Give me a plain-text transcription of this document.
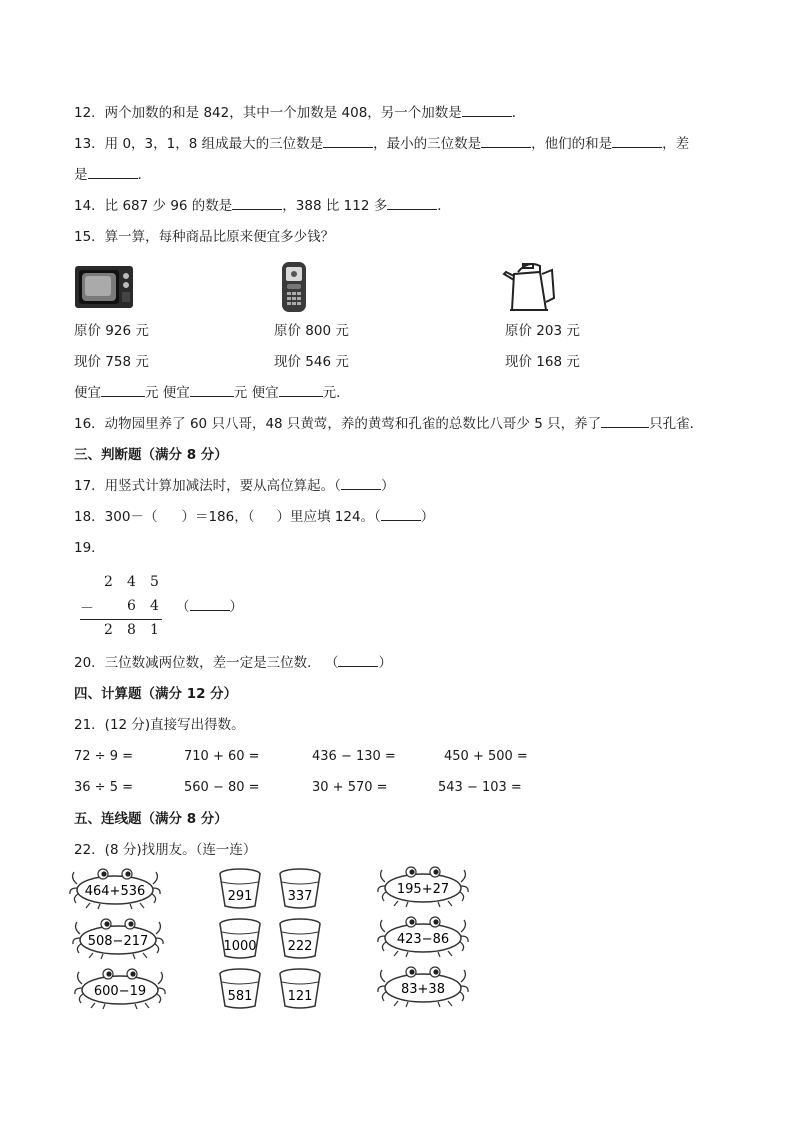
12．两个加数的和是 842，其中一个加数是 408，另一个加数是	．
13．用 0，3，1，8 组成最大的三位数是	，最小的三位数是	，他们的和是	，差
是	．
14．比 687 少 96 的数是	，388 比 112 多	．
15．算一算，每种商品比原来便宜多少钱？
原价 926 元	原价 800 元	原价 203 元
现价 758 元	现价 546 元	现价 168 元
便宜	元 便宜	元 便宜	元．
16．动物园里养了 60 只八哥，48 只黄莺，养的黄莺和孔雀的总数比八哥少 5 只，养了	只孔雀．
三、判断题（满分 8 分）
17．用竖式计算加减法时，要从高位算起。（	）
18．300－（ ）＝186，（ ）里应填 124。（	）
19．
2 4 5
－ 6 4
2 8 1
（	）
20．三位数减两位数，差一定是三位数． （	）
四、计算题（满分 12 分）
21．(12 分)直接写出得数。
72 ÷ 9 =	710 + 60 =	436 − 130 =	450 + 500 =
36 ÷ 5 =	560 − 80 =	30 + 570 =	543 − 103 =
五、连线题（满分 8 分）
22．(8 分)找朋友。（连一连）
464+536
508−217
600−19
291	337
1000 222
581	121
195+27
423−86
83+38
